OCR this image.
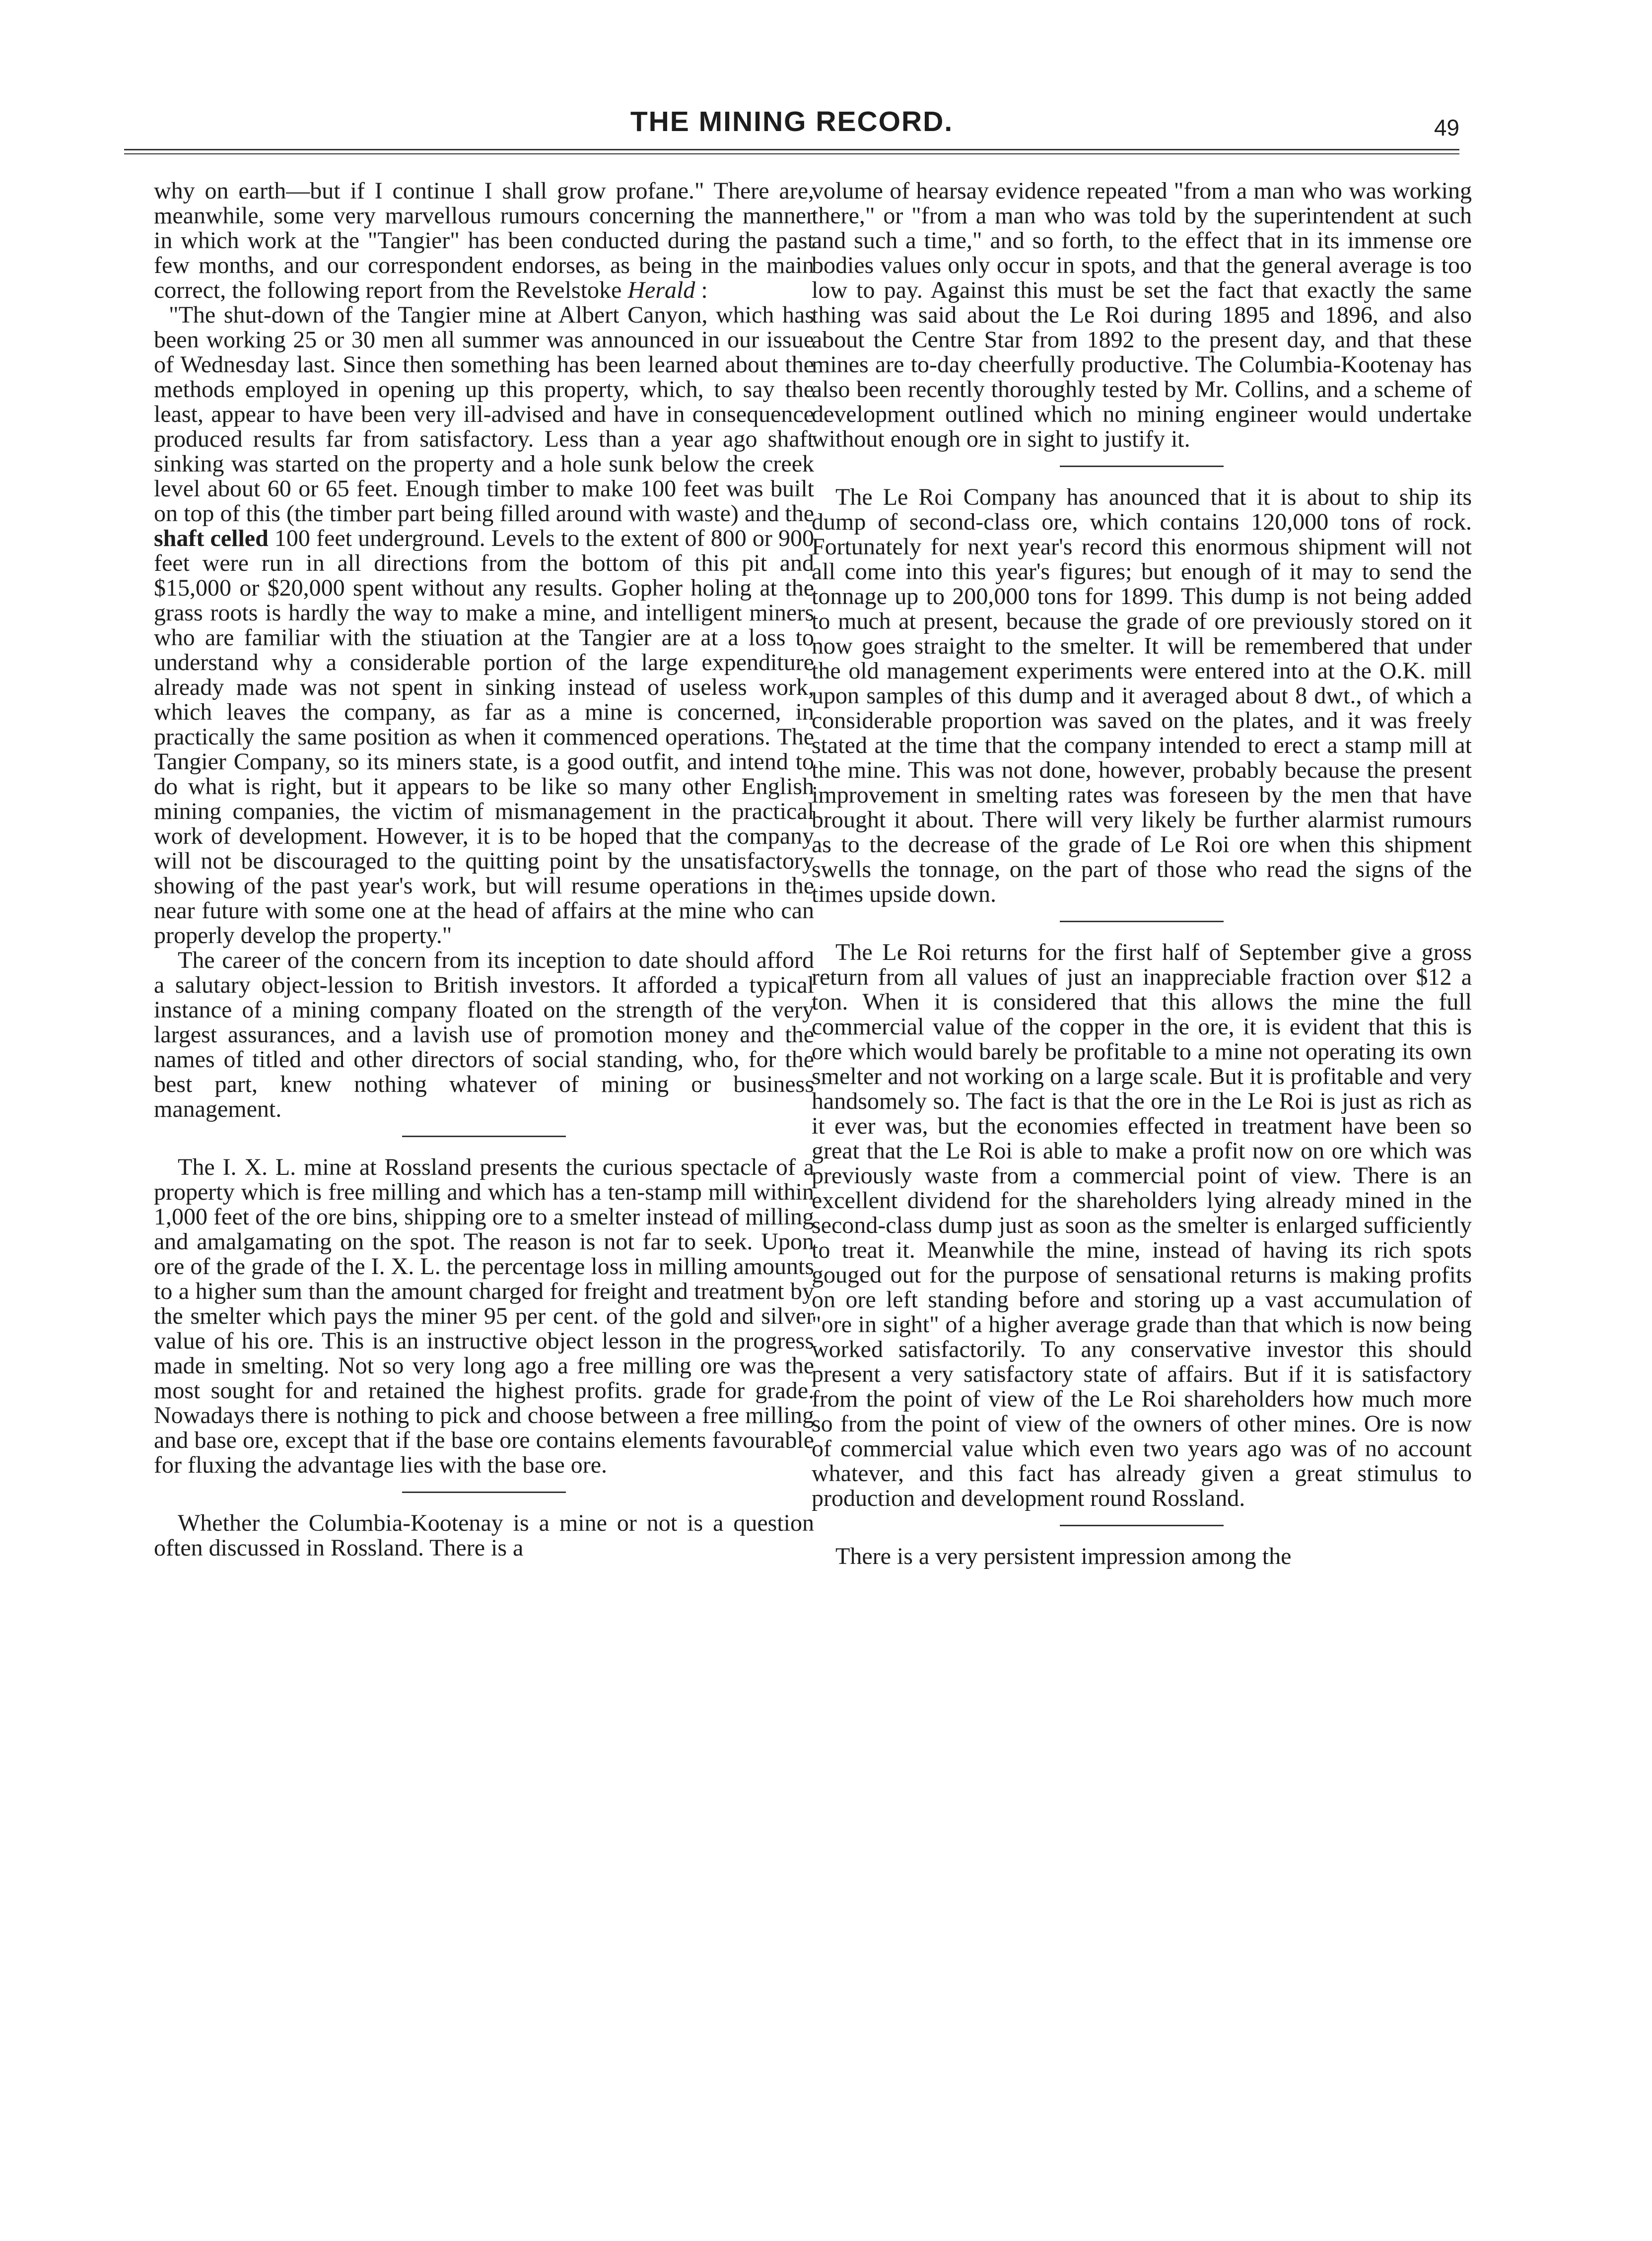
THE MINING RECORD.	49

why on earth—but if I continue I shall grow profane." There are, meanwhile, some very marvellous rumours concerning the manner in which work at the "Tangier" has been conducted during the past few months, and our correspondent endorses, as being in the main correct, the following report from the Revelstoke Herald :

"The shut-down of the Tangier mine at Albert Canyon, which has been working 25 or 30 men all summer was announced in our issue of Wednesday last. Since then something has been learned about the methods employed in opening up this property, which, to say the least, appear to have been very ill-advised and have in consequence produced results far from satisfactory. Less than a year ago shaft sinking was started on the property and a hole sunk below the creek level about 60 or 65 feet. Enough timber to make 100 feet was built on top of this (the timber part being filled around with waste) and the shaft celled 100 feet underground. Levels to the extent of 800 or 900 feet were run in all directions from the bottom of this pit and $15,000 or $20,000 spent without any results. Gopher holing at the grass roots is hardly the way to make a mine, and intelligent miners who are familiar with the stiuation at the Tangier are at a loss to understand why a considerable portion of the large expenditure already made was not spent in sinking instead of useless work, which leaves the company, as far as a mine is concerned, in practically the same position as when it commenced operations. The Tangier Company, so its miners state, is a good outfit, and intend to do what is right, but it appears to be like so many other English mining companies, the victim of mismanagement in the practical work of development. However, it is to be hoped that the company will not be discouraged to the quitting point by the unsatisfactory showing of the past year's work, but will resume operations in the near future with some one at the head of affairs at the mine who can properly develop the property."

The career of the concern from its inception to date should afford a salutary object-lession to British investors. It afforded a typical instance of a mining company floated on the strength of the very largest assurances, and a lavish use of promotion money and the names of titled and other directors of social standing, who, for the best part, knew nothing whatever of mining or business management.

The I. X. L. mine at Rossland presents the curious spectacle of a property which is free milling and which has a ten-stamp mill within 1,000 feet of the ore bins, shipping ore to a smelter instead of milling and amalgamating on the spot. The reason is not far to seek. Upon ore of the grade of the I. X. L. the percentage loss in milling amounts to a higher sum than the amount charged for freight and treatment by the smelter which pays the miner 95 per cent. of the gold and silver value of his ore. This is an instructive object lesson in the progress made in smelting. Not so very long ago a free milling ore was the most sought for and retained the highest profits. grade for grade. Nowadays there is nothing to pick and choose between a free milling and base ore, except that if the base ore contains elements favourable for fluxing the advantage lies with the base ore.

Whether the Columbia-Kootenay is a mine or not is a question often discussed in Rossland. There is a

volume of hearsay evidence repeated "from a man who was working there," or "from a man who was told by the superintendent at such and such a time," and so forth, to the effect that in its immense ore bodies values only occur in spots, and that the general average is too low to pay. Against this must be set the fact that exactly the same thing was said about the Le Roi during 1895 and 1896, and also about the Centre Star from 1892 to the present day, and that these mines are to-day cheerfully productive. The Columbia-Kootenay has also been recently thoroughly tested by Mr. Collins, and a scheme of development outlined which no mining engineer would undertake without enough ore in sight to justify it.

The Le Roi Company has anounced that it is about to ship its dump of second-class ore, which contains 120,000 tons of rock. Fortunately for next year's record this enormous shipment will not all come into this year's figures; but enough of it may to send the tonnage up to 200,000 tons for 1899. This dump is not being added to much at present, because the grade of ore previously stored on it now goes straight to the smelter. It will be remembered that under the old management experiments were entered into at the O.K. mill upon samples of this dump and it averaged about 8 dwt., of which a considerable proportion was saved on the plates, and it was freely stated at the time that the company intended to erect a stamp mill at the mine. This was not done, however, probably because the present improvement in smelting rates was foreseen by the men that have brought it about. There will very likely be further alarmist rumours as to the decrease of the grade of Le Roi ore when this shipment swells the tonnage, on the part of those who read the signs of the times upside down.

The Le Roi returns for the first half of September give a gross return from all values of just an inappreciable fraction over $12 a ton. When it is considered that this allows the mine the full commercial value of the copper in the ore, it is evident that this is ore which would barely be profitable to a mine not operating its own smelter and not working on a large scale. But it is profitable and very handsomely so. The fact is that the ore in the Le Roi is just as rich as it ever was, but the economies effected in treatment have been so great that the Le Roi is able to make a profit now on ore which was previously waste from a commercial point of view. There is an excellent dividend for the shareholders lying already mined in the second-class dump just as soon as the smelter is enlarged sufficiently to treat it. Meanwhile the mine, instead of having its rich spots gouged out for the purpose of sensational returns is making profits on ore left standing before and storing up a vast accumulation of "ore in sight" of a higher average grade than that which is now being worked satisfactorily. To any conservative investor this should present a very satisfactory state of affairs. But if it is satisfactory from the point of view of the Le Roi shareholders how much more so from the point of view of the owners of other mines. Ore is now of commercial value which even two years ago was of no account whatever, and this fact has already given a great stimulus to production and development round Rossland.

There is a very persistent impression among the
